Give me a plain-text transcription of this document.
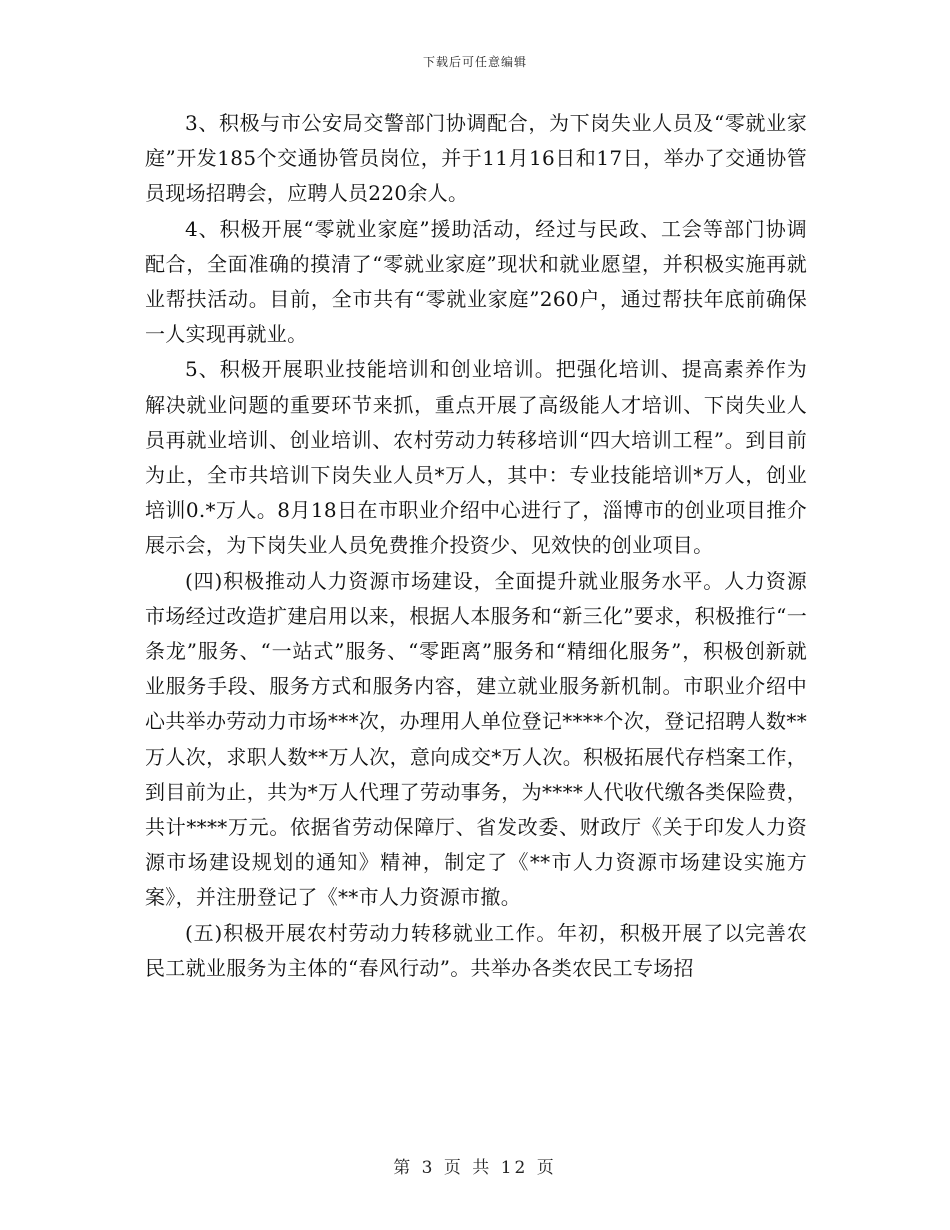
下载后可任意编辑

3、积极与市公安局交警部门协调配合，为下岗失业人员及“零就业家庭”开发185个交通协管员岗位，并于11月16日和17日，举办了交通协管员现场招聘会，应聘人员220余人。

4、积极开展“零就业家庭”援助活动，经过与民政、工会等部门协调配合，全面准确的摸清了“零就业家庭”现状和就业愿望，并积极实施再就业帮扶活动。目前，全市共有“零就业家庭”260户，通过帮扶年底前确保一人实现再就业。

5、积极开展职业技能培训和创业培训。把强化培训、提高素养作为解决就业问题的重要环节来抓，重点开展了高级能人才培训、下岗失业人员再就业培训、创业培训、农村劳动力转移培训“四大培训工程”。到目前为止，全市共培训下岗失业人员*万人，其中：专业技能培训*万人，创业培训0.*万人。8月18日在市职业介绍中心进行了，淄博市的创业项目推介展示会，为下岗失业人员免费推介投资少、见效快的创业项目。

(四)积极推动人力资源市场建设，全面提升就业服务水平。人力资源市场经过改造扩建启用以来，根据人本服务和“新三化”要求，积极推行“一条龙”服务、“一站式”服务、“零距离”服务和“精细化服务”，积极创新就业服务手段、服务方式和服务内容，建立就业服务新机制。市职业介绍中心共举办劳动力市场***次，办理用人单位登记****个次，登记招聘人数**万人次，求职人数**万人次，意向成交*万人次。积极拓展代存档案工作，到目前为止，共为*万人代理了劳动事务，为****人代收代缴各类保险费，共计****万元。依据省劳动保障厅、省发改委、财政厅《关于印发人力资源市场建设规划的通知》精神，制定了《**市人力资源市场建设实施方案》，并注册登记了《**市人力资源市撤。

(五)积极开展农村劳动力转移就业工作。年初，积极开展了以完善农民工就业服务为主体的“春风行动”。共举办各类农民工专场招

第 3 页 共 12 页
